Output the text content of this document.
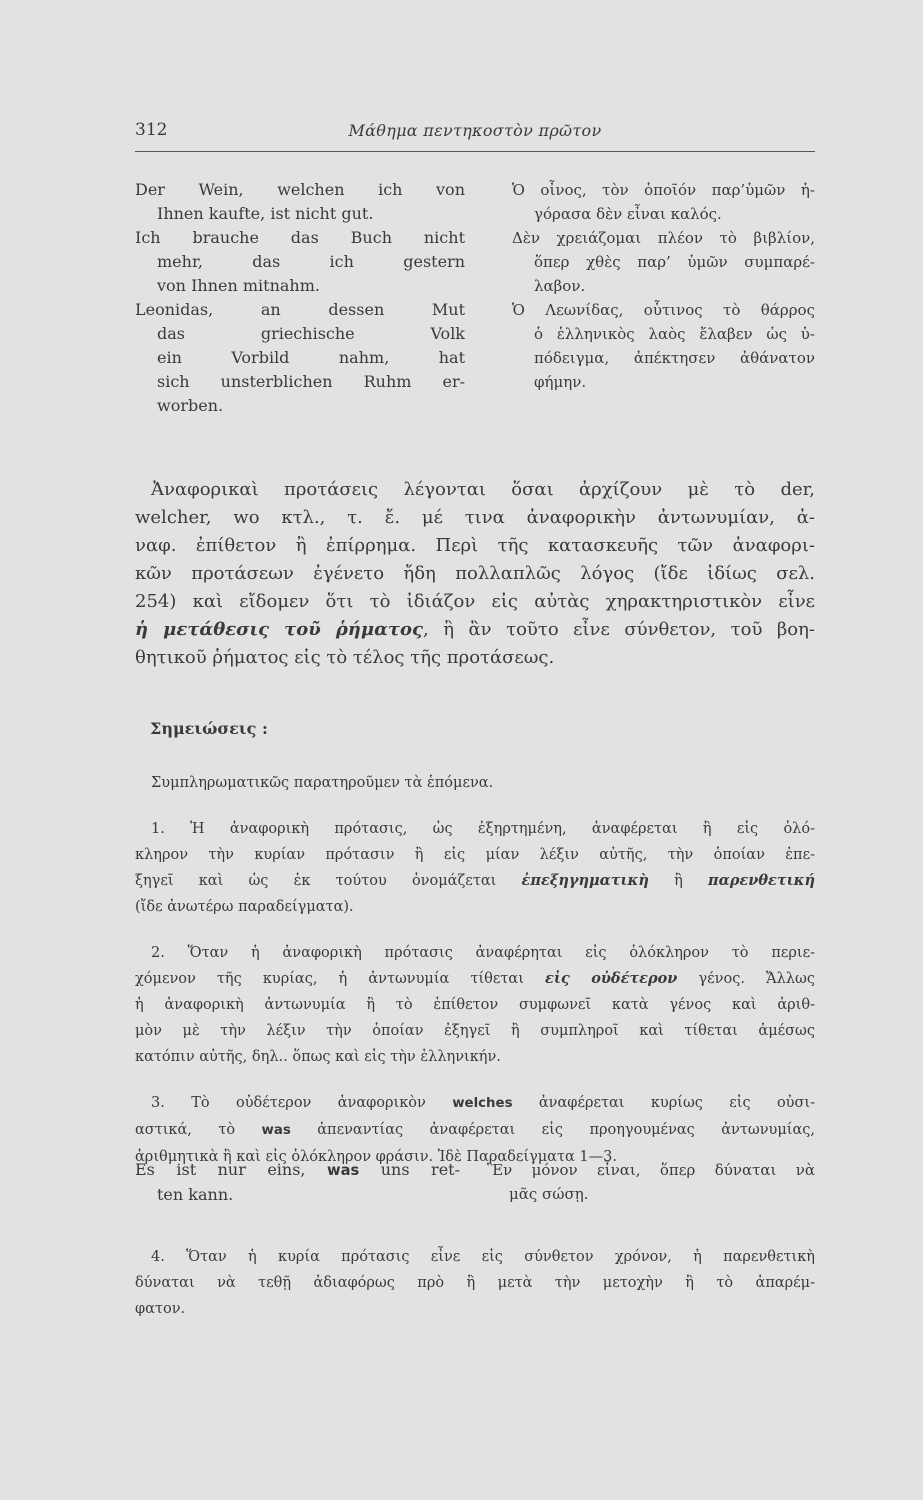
312	Μάθημα πεντηκοστὸν πρῶτον
Der Wein, welchen ich von
Ihnen kaufte, ist nicht gut.
Ich brauche das Buch nicht
mehr, das ich gestern
von Ihnen mitnahm.
Leonidas, an dessen Mut
das griechische Volk
ein Vorbild nahm, hat
sich unsterblichen Ruhm er-
worben.
Ὁ οἶνος, τὸν ὁποῖόν παρ’ὑμῶν ἠ-
γόρασα δὲν εἶναι καλός.
Δὲν χρειάζομαι πλέον τὸ βιβλίον,
ὅπερ χθὲς παρ’ ὑμῶν συμπαρέ-
λαβον.
Ὁ Λεωνίδας, οὗτινος τὸ θάρρος
ὁ ἑλληνικὸς λαὸς ἔλαβεν ὡς ὑ-
πόδειγμα, ἀπέκτησεν ἀθάνατον
φήμην.
Ἀναφορικαὶ προτάσεις λέγονται ὅσαι ἀρχίζουν μὲ τὸ der,
welcher, wo κτλ., τ. ἔ. μέ τινα ἀναφορικὴν ἀντωνυμίαν, ἀ-
ναφ. ἐπίθετον ἢ ἐπίρρημα. Περὶ τῆς κατασκευῆς τῶν ἀναφορι-
κῶν προτάσεων ἐγένετο ἤδη πολλαπλῶς λόγος (ἴδε ἰδίως σελ.
254) καὶ εἴδομεν ὅτι τὸ ἰδιάζον εἰς αὐτὰς χηρακτηριστικὸν εἶνε
ἡ μετάθεσις τοῦ ῥήματος, ἢ ἂν τοῦτο εἶνε σύνθετον, τοῦ βοη-
θητικοῦ ῥήματος εἰς τὸ τέλος τῆς προτάσεως.
Σημειώσεις :
Συμπληρωματικῶς παρατηροῦμεν τὰ ἑπόμενα.
1. Ἡ ἀναφορικὴ πρότασις, ὡς ἐξηρτημένη, ἀναφέρεται ἢ εἰς ὁλό-
κληρον τὴν κυρίαν πρότασιν ἢ εἰς μίαν λέξιν αὐτῆς, τὴν ὁποίαν ἐπε-
ξηγεῖ καὶ ὡς ἐκ τούτου ὀνομάζεται ἐπεξηγηματικὴ ἢ παρενθετική
(ἴδε ἀνωτέρω παραδείγματα).
2. Ὅταν ἡ ἀναφορικὴ πρότασις ἀναφέρηται εἰς ὁλόκληρον τὸ περιε-
χόμενον τῆς κυρίας, ἡ ἀντωνυμία τίθεται εἰς οὐδέτερον γένος. Ἄλλως
ἡ ἀναφορικὴ ἀντωνυμία ἢ τὸ ἐπίθετον συμφωνεῖ κατὰ γένος καὶ ἀριθ-
μὸν μὲ τὴν λέξιν τὴν ὁποίαν ἐξηγεῖ ἢ συμπληροῖ καὶ τίθεται ἀμέσως
κατόπιν αὐτῆς, δηλ.. ὅπως καὶ εἰς τὴν ἑλληνικήν.
3. Τὸ οὐδέτερον ἀναφορικὸν welches ἀναφέρεται κυρίως εἰς οὐσι-
αστικά, τὸ was ἀπεναντίας ἀναφέρεται εἰς προηγουμένας ἀντωνυμίας,
ἀριθμητικὰ ἢ καὶ εἰς ὁλόκληρον φράσιν. Ἰδὲ Παραδείγματα 1—3.
Es ist nur eins, was uns ret-
ten kann.
Ἓν μόνον εἶναι, ὅπερ δύναται νὰ
μᾶς σώσῃ.
4. Ὅταν ἡ κυρία πρότασις εἶνε εἰς σύνθετον χρόνον, ἡ παρενθετικὴ
δύναται νὰ τεθῇ ἀδιαφόρως πρὸ ἢ μετὰ τὴν μετοχὴν ἢ τὸ ἀπαρέμ-
φατον.
